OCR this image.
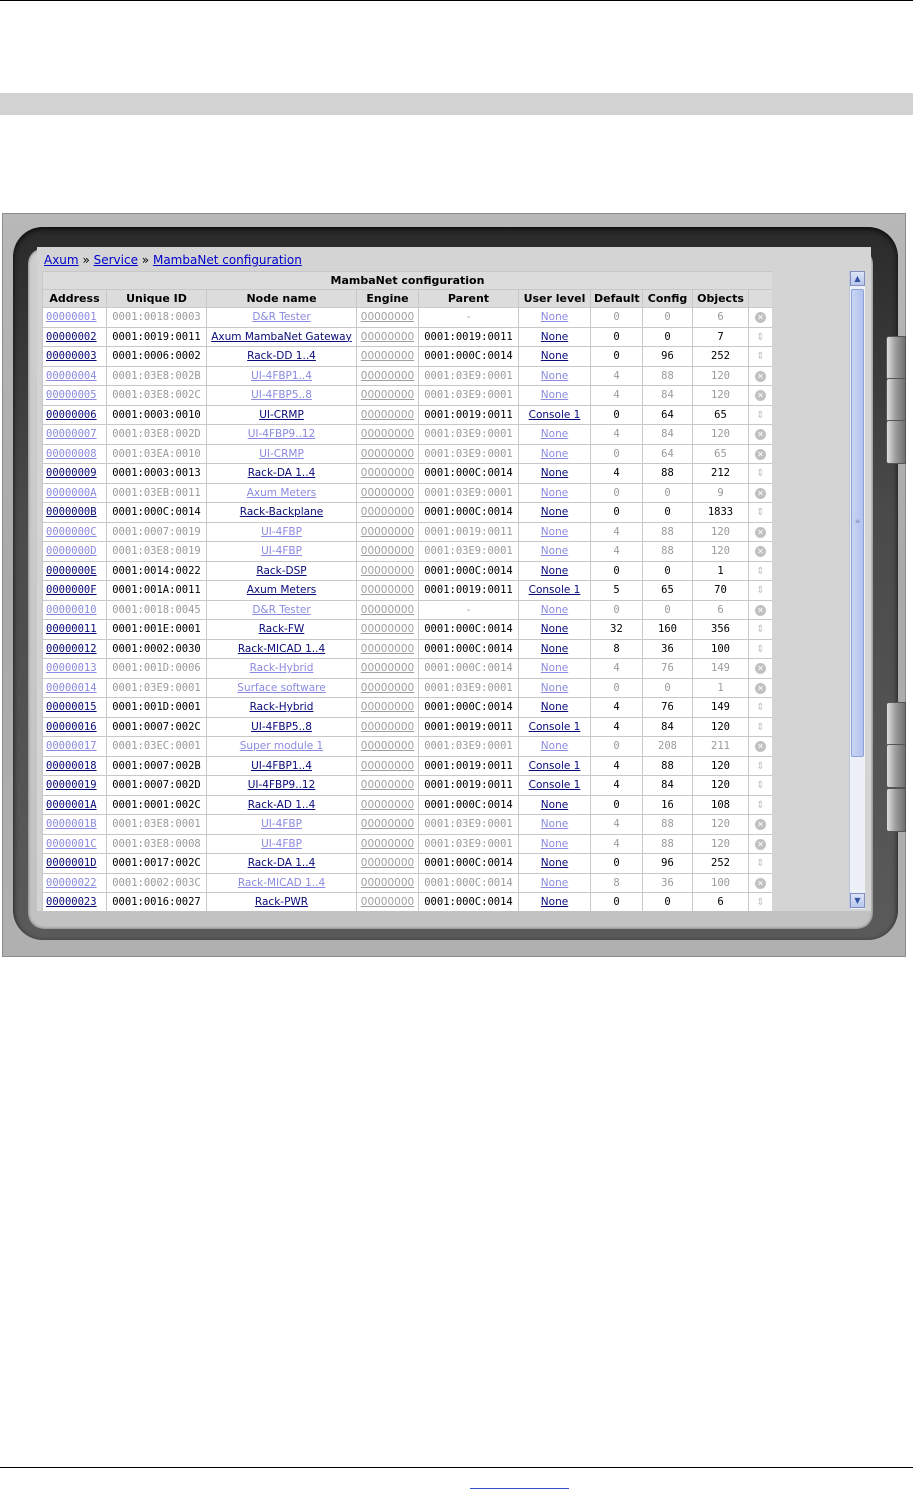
Axum » Service » MambaNet configuration
MambaNet configuration
Address	Unique ID	Node name	Engine	Parent	User level	Default	Config	Objects	
00000001	0001:0018:0003	D&R Tester	00000000	-	None	0	0	6	✕
00000002	0001:0019:0011	Axum MambaNet Gateway	00000000	0001:0019:0011	None	0	0	7	⇕
00000003	0001:0006:0002	Rack-DD 1..4	00000000	0001:000C:0014	None	0	96	252	⇕
00000004	0001:03E8:002B	UI-4FBP1..4	00000000	0001:03E9:0001	None	4	88	120	✕
00000005	0001:03E8:002C	UI-4FBP5..8	00000000	0001:03E9:0001	None	4	84	120	✕
00000006	0001:0003:0010	UI-CRMP	00000000	0001:0019:0011	Console 1	0	64	65	⇕
00000007	0001:03E8:002D	UI-4FBP9..12	00000000	0001:03E9:0001	None	4	84	120	✕
00000008	0001:03EA:0010	UI-CRMP	00000000	0001:03E9:0001	None	0	64	65	✕
00000009	0001:0003:0013	Rack-DA 1..4	00000000	0001:000C:0014	None	4	88	212	⇕
0000000A	0001:03EB:0011	Axum Meters	00000000	0001:03E9:0001	None	0	0	9	✕
0000000B	0001:000C:0014	Rack-Backplane	00000000	0001:000C:0014	None	0	0	1833	⇕
0000000C	0001:0007:0019	UI-4FBP	00000000	0001:0019:0011	None	4	88	120	✕
0000000D	0001:03E8:0019	UI-4FBP	00000000	0001:03E9:0001	None	4	88	120	✕
0000000E	0001:0014:0022	Rack-DSP	00000000	0001:000C:0014	None	0	0	1	⇕
0000000F	0001:001A:0011	Axum Meters	00000000	0001:0019:0011	Console 1	5	65	70	⇕
00000010	0001:0018:0045	D&R Tester	00000000	-	None	0	0	6	✕
00000011	0001:001E:0001	Rack-FW	00000000	0001:000C:0014	None	32	160	356	⇕
00000012	0001:0002:0030	Rack-MICAD 1..4	00000000	0001:000C:0014	None	8	36	100	⇕
00000013	0001:001D:0006	Rack-Hybrid	00000000	0001:000C:0014	None	4	76	149	✕
00000014	0001:03E9:0001	Surface software	00000000	0001:03E9:0001	None	0	0	1	✕
00000015	0001:001D:0001	Rack-Hybrid	00000000	0001:000C:0014	None	4	76	149	⇕
00000016	0001:0007:002C	UI-4FBP5..8	00000000	0001:0019:0011	Console 1	4	84	120	⇕
00000017	0001:03EC:0001	Super module 1	00000000	0001:03E9:0001	None	0	208	211	✕
00000018	0001:0007:002B	UI-4FBP1..4	00000000	0001:0019:0011	Console 1	4	88	120	⇕
00000019	0001:0007:002D	UI-4FBP9..12	00000000	0001:0019:0011	Console 1	4	84	120	⇕
0000001A	0001:0001:002C	Rack-AD 1..4	00000000	0001:000C:0014	None	0	16	108	⇕
0000001B	0001:03E8:0001	UI-4FBP	00000000	0001:03E9:0001	None	4	88	120	✕
0000001C	0001:03E8:0008	UI-4FBP	00000000	0001:03E9:0001	None	4	88	120	✕
0000001D	0001:0017:002C	Rack-DA 1..4	00000000	0001:000C:0014	None	0	96	252	⇕
00000022	0001:0002:003C	Rack-MICAD 1..4	00000000	0001:000C:0014	None	8	36	100	✕
00000023	0001:0016:0027	Rack-PWR	00000000	0001:000C:0014	None	0	0	6	⇕
▲
≡
▼
